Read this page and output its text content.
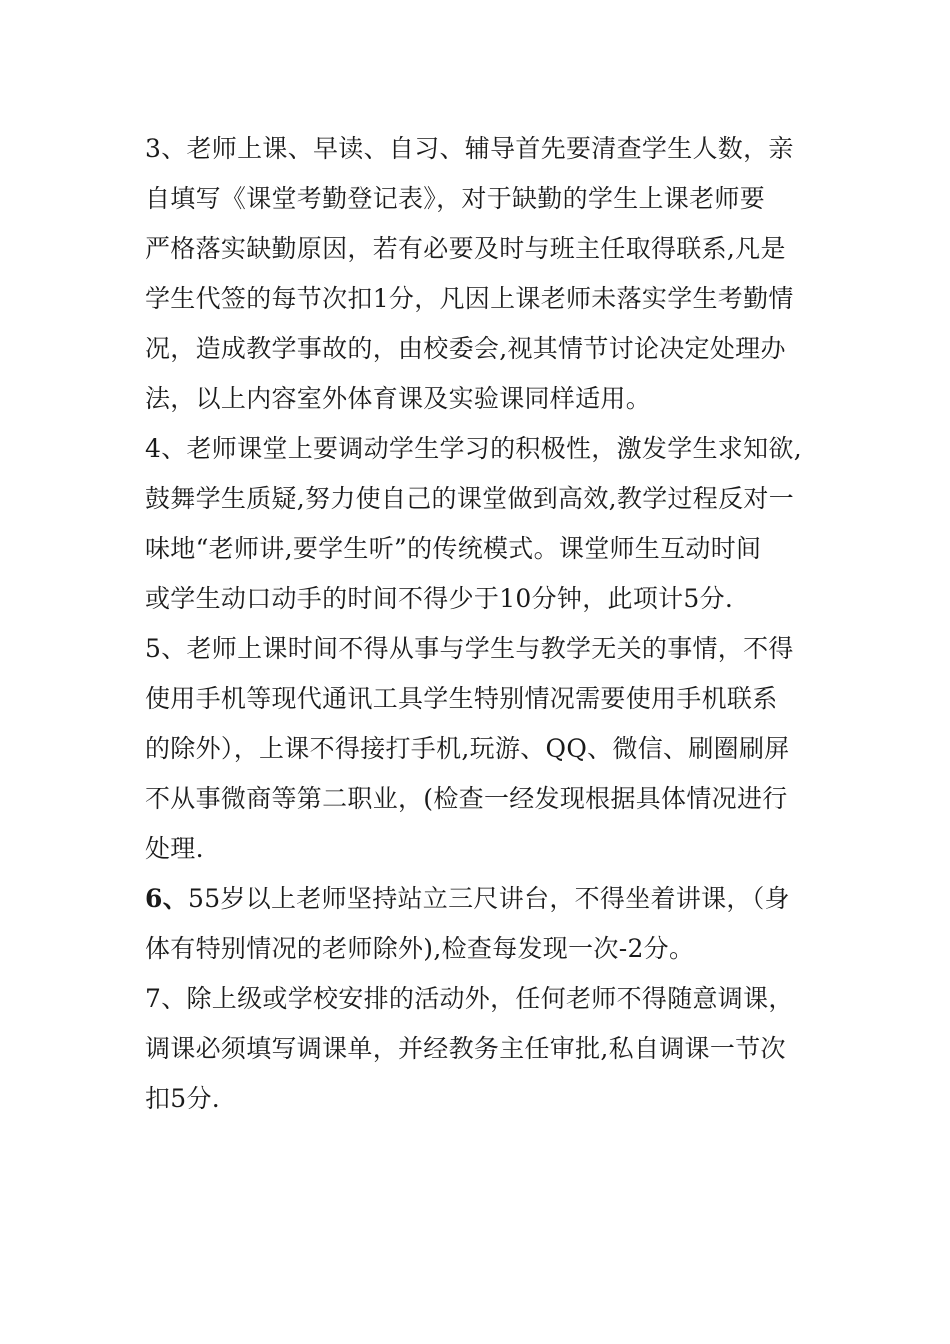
3、老师上课、早读、自习、辅导首先要清查学生人数，亲
自填写《课堂考勤登记表》，对于缺勤的学生上课老师要
严格落实缺勤原因，若有必要及时与班主任取得联系,凡是
学生代签的每节次扣1分，凡因上课老师未落实学生考勤情
况，造成教学事故的，由校委会,视其情节讨论决定处理办
法，以上内容室外体育课及实验课同样适用。
4、老师课堂上要调动学生学习的积极性，激发学生求知欲,
鼓舞学生质疑,努力使自己的课堂做到高效,教学过程反对一
味地“老师讲,要学生听”的传统模式。课堂师生互动时间
或学生动口动手的时间不得少于10分钟，此项计5分.
5、老师上课时间不得从事与学生与教学无关的事情，不得
使用手机等现代通讯工具学生特别情况需要使用手机联系
的除外），上课不得接打手机,玩游、QQ、微信、刷圈刷屏
不从事微商等第二职业，(检查一经发现根据具体情况进行
处理.
6、55岁以上老师坚持站立三尺讲台，不得坐着讲课，（身
体有特别情况的老师除外),检查每发现一次-2分。
7、除上级或学校安排的活动外，任何老师不得随意调课，
调课必须填写调课单，并经教务主任审批,私自调课一节次
扣5分.
